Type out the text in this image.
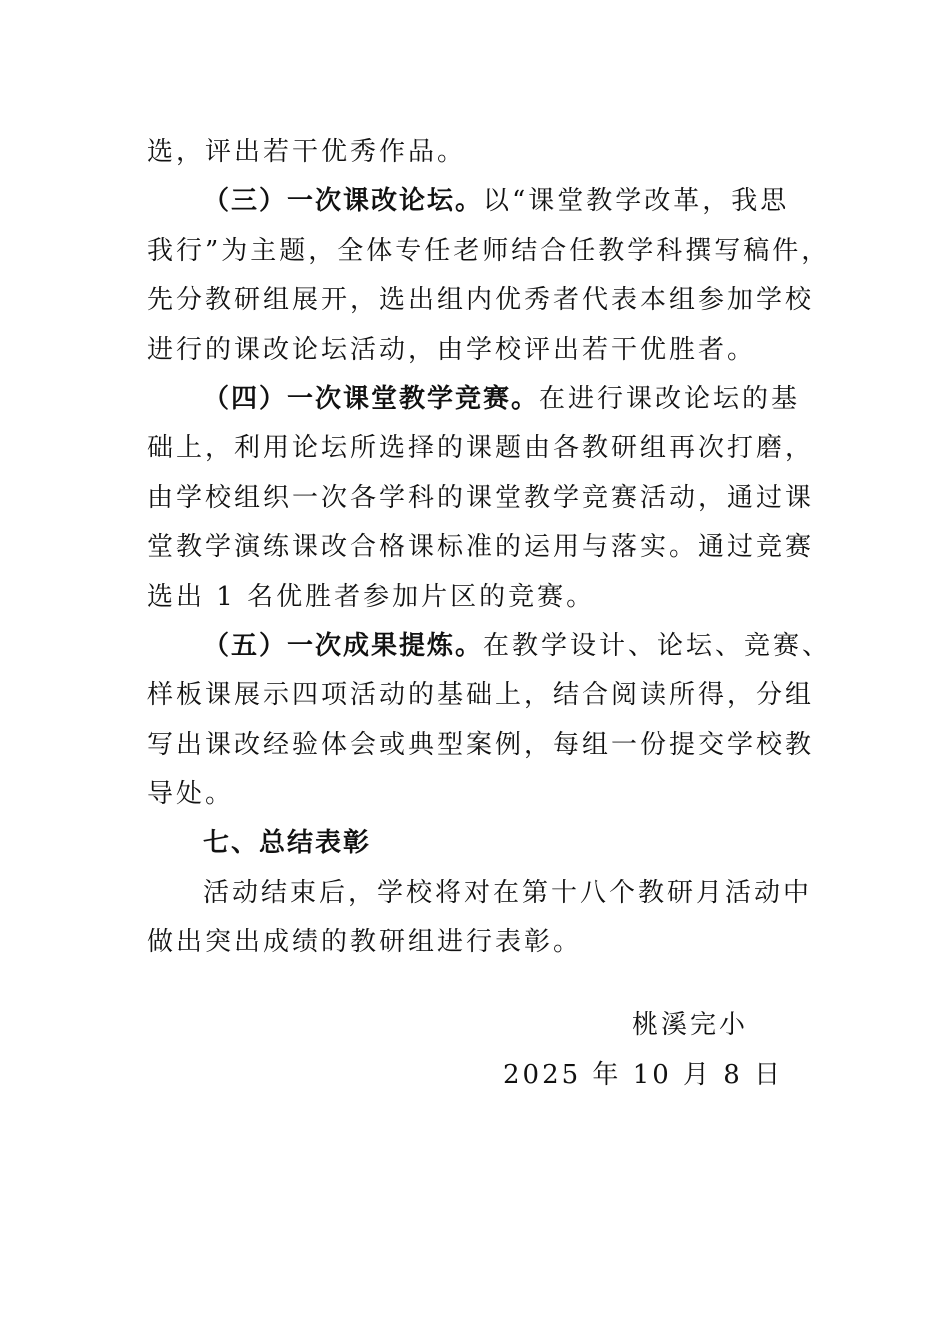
选，评出若干优秀作品。
（三）一次课改论坛。以“课堂教学改革，我思
我行”为主题，全体专任老师结合任教学科撰写稿件，
先分教研组展开，选出组内优秀者代表本组参加学校
进行的课改论坛活动，由学校评出若干优胜者。
（四）一次课堂教学竞赛。在进行课改论坛的基
础上，利用论坛所选择的课题由各教研组再次打磨，
由学校组织一次各学科的课堂教学竞赛活动，通过课
堂教学演练课改合格课标准的运用与落实。通过竞赛
选出 1 名优胜者参加片区的竞赛。
（五）一次成果提炼。在教学设计、论坛、竞赛、
样板课展示四项活动的基础上，结合阅读所得，分组
写出课改经验体会或典型案例，每组一份提交学校教
导处。
七、总结表彰
活动结束后，学校将对在第十八个教研月活动中
做出突出成绩的教研组进行表彰。
桃溪完小
2025 年 10 月 8 日
